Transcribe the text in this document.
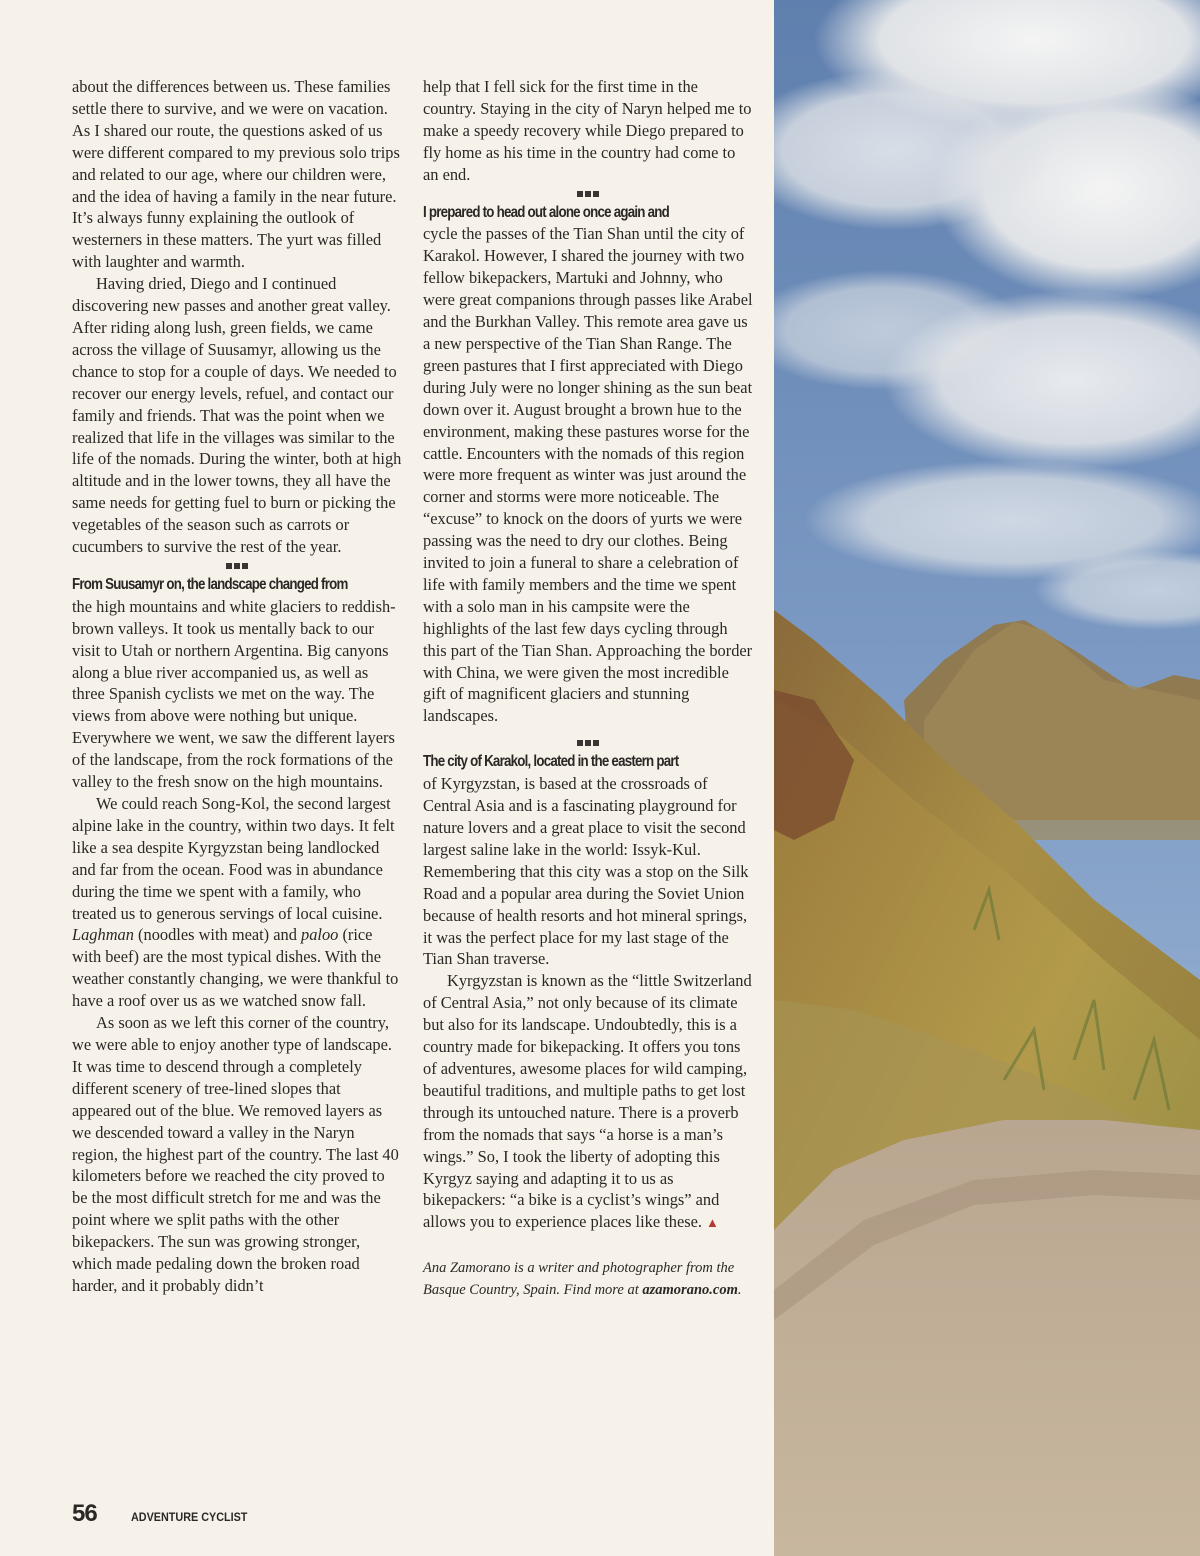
about the differences between us. These families settle there to survive, and we were on vacation. As I shared our route, the questions asked of us were different compared to my previous solo trips and related to our age, where our children were, and the idea of having a family in the near future. It’s always funny explaining the outlook of westerners in these matters. The yurt was filled with laughter and warmth.

Having dried, Diego and I continued discovering new passes and another great valley. After riding along lush, green fields, we came across the village of Suusamyr, allowing us the chance to stop for a couple of days. We needed to recover our energy levels, refuel, and contact our family and friends. That was the point when we realized that life in the villages was similar to the life of the nomads. During the winter, both at high altitude and in the lower towns, they all have the same needs for getting fuel to burn or picking the vegetables of the season such as carrots or cucumbers to survive the rest of the year.

From Suusamyr on, the landscape changed from
the high mountains and white glaciers to reddish-brown valleys. It took us mentally back to our visit to Utah or northern Argentina. Big canyons along a blue river accompanied us, as well as three Spanish cyclists we met on the way. The views from above were nothing but unique. Everywhere we went, we saw the different layers of the landscape, from the rock formations of the valley to the fresh snow on the high mountains.

We could reach Song-Kol, the second largest alpine lake in the country, within two days. It felt like a sea despite Kyrgyzstan being landlocked and far from the ocean. Food was in abundance during the time we spent with a family, who treated us to generous servings of local cuisine. Laghman (noodles with meat) and paloo (rice with beef) are the most typical dishes. With the weather constantly changing, we were thankful to have a roof over us as we watched snow fall.

As soon as we left this corner of the country, we were able to enjoy another type of landscape. It was time to descend through a completely different scenery of tree-lined slopes that appeared out of the blue. We removed layers as we descended toward a valley in the Naryn region, the highest part of the country. The last 40 kilometers before we reached the city proved to be the most difficult stretch for me and was the point where we split paths with the other bikepackers. The sun was growing stronger, which made pedaling down the broken road harder, and it probably didn’t

help that I fell sick for the first time in the country. Staying in the city of Naryn helped me to make a speedy recovery while Diego prepared to fly home as his time in the country had come to an end.

I prepared to head out alone once again and
cycle the passes of the Tian Shan until the city of Karakol. However, I shared the journey with two fellow bikepackers, Martuki and Johnny, who were great companions through passes like Arabel and the Burkhan Valley. This remote area gave us a new perspective of the Tian Shan Range. The green pastures that I first appreciated with Diego during July were no longer shining as the sun beat down over it. August brought a brown hue to the environment, making these pastures worse for the cattle. Encounters with the nomads of this region were more frequent as winter was just around the corner and storms were more noticeable. The “excuse” to knock on the doors of yurts we were passing was the need to dry our clothes. Being invited to join a funeral to share a celebration of life with family members and the time we spent with a solo man in his campsite were the highlights of the last few days cycling through this part of the Tian Shan. Approaching the border with China, we were given the most incredible gift of magnificent glaciers and stunning landscapes.

The city of Karakol, located in the eastern part
of Kyrgyzstan, is based at the crossroads of Central Asia and is a fascinating playground for nature lovers and a great place to visit the second largest saline lake in the world: Issyk-Kul. Remembering that this city was a stop on the Silk Road and a popular area during the Soviet Union because of health resorts and hot mineral springs, it was the perfect place for my last stage of the Tian Shan traverse.

Kyrgyzstan is known as the “little Switzerland of Central Asia,” not only because of its climate but also for its landscape. Undoubtedly, this is a country made for bikepacking. It offers you tons of adventures, awesome places for wild camping, beautiful traditions, and multiple paths to get lost through its untouched nature. There is a proverb from the nomads that says “a horse is a man’s wings.” So, I took the liberty of adopting this Kyrgyz saying and adapting it to us as bikepackers: “a bike is a cyclist’s wings” and allows you to experience places like these. ▲

Ana Zamorano is a writer and photographer from the Basque Country, Spain. Find more at azamorano.com.

56	ADVENTURE CYCLIST
